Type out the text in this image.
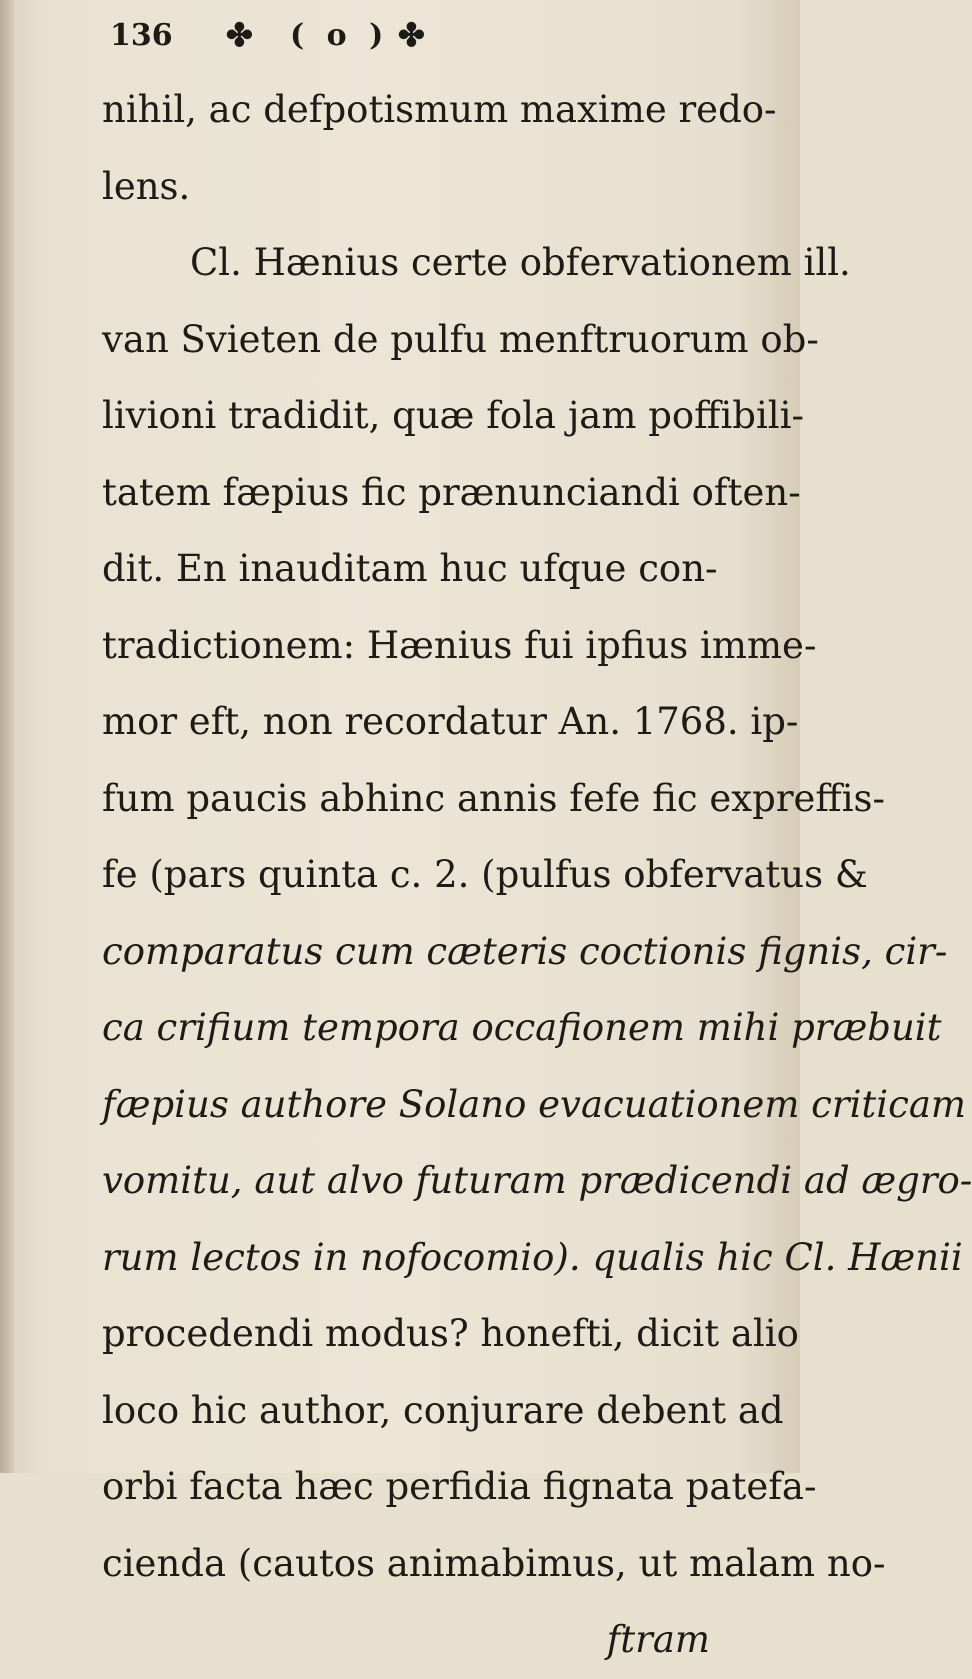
136 ✤ ( o ) ✤
nihil, ac defpotismum maxime redo-
lens.
Cl. Hænius certe obfervationem ill.
van Svieten de pulfu menftruorum ob-
livioni tradidit, quæ fola jam poffibili-
tatem fæpius fic prænunciandi often-
dit. En inauditam huc ufque con-
tradictionem: Hænius fui ipfius imme-
mor eft, non recordatur An. 1768. ip-
fum paucis abhinc annis fefe fic expreffis-
fe (pars quinta c. 2. (pulfus obfervatus &
comparatus cum cæteris coctionis fignis, cir-
ca crifium tempora occafionem mihi præbuit
fæpius authore Solano evacuationem criticam
vomitu, aut alvo futuram prædicendi ad ægro-
rum lectos in nofocomio). qualis hic Cl. Hænii
procedendi modus? honefti, dicit alio
loco hic author, conjurare debent ad
orbi facta hæc perfidia fignata patefa-
cienda (cautos animabimus, ut malam no-
ftram
